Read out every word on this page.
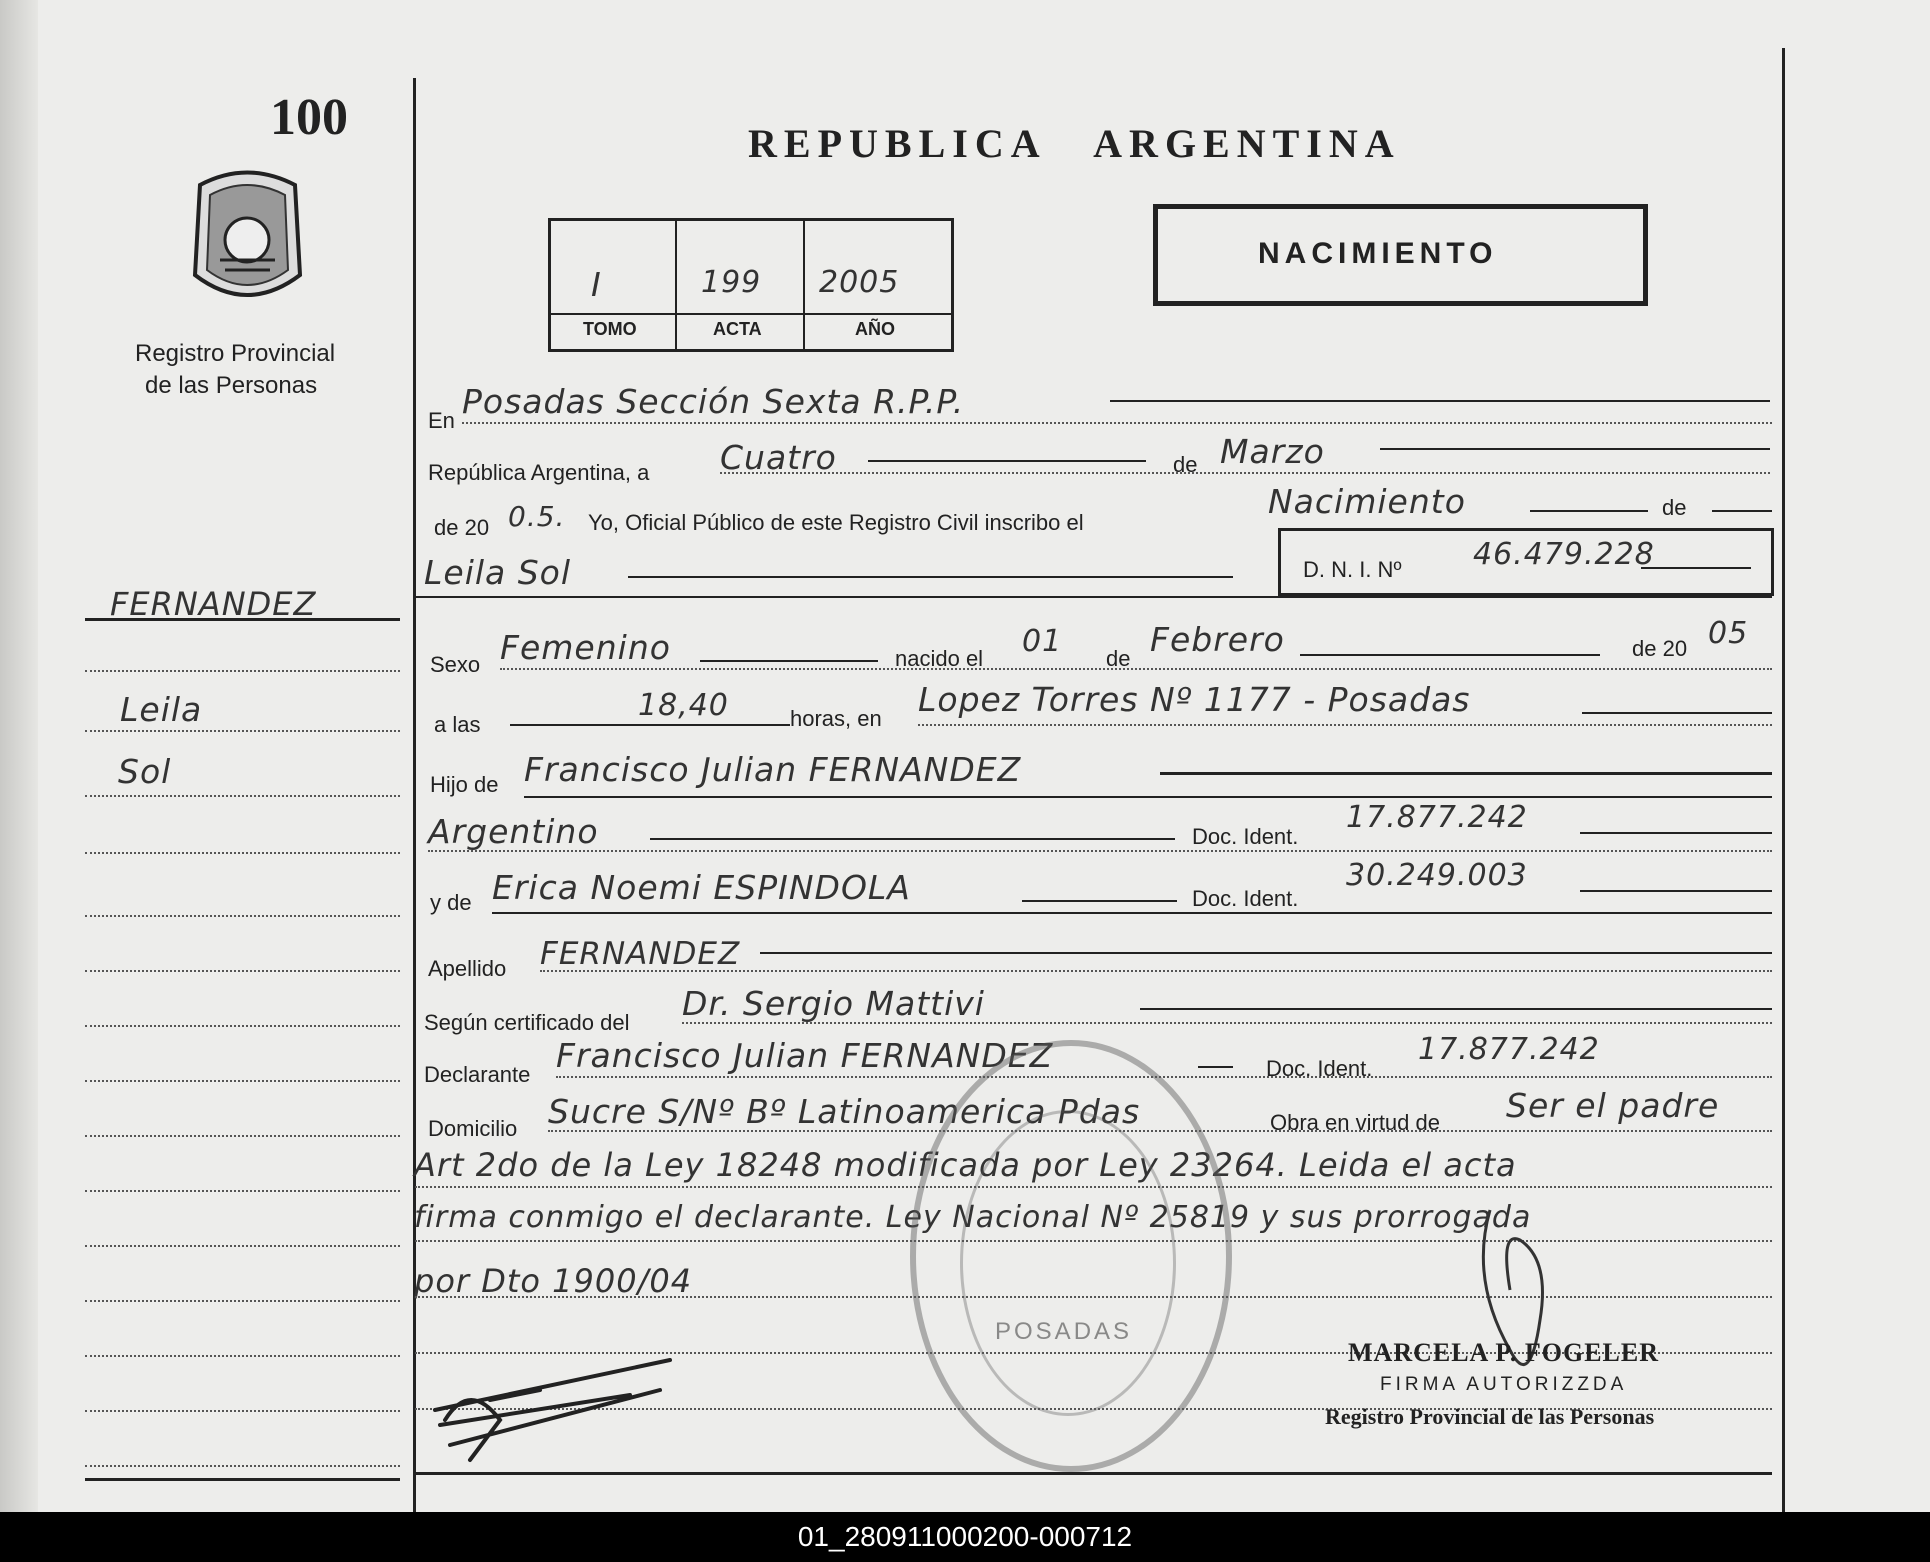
100
Registro Provincial
de las Personas
FERNANDEZ
Leila
Sol
REPUBLICA   ARGENTINA
I	199 2005
TOMO	ACTA	AÑO
NACIMIENTO
En Posadas Sección Sexta R.P.P.
República Argentina, a Cuatro	de Marzo
de 20 0.5. Yo, Oficial Público de este Registro Civil inscribo el
Nacimiento	de
Leila Sol	D. N. I. Nº 46.479.228
Sexo Femenino	nacido el 01 de Febrero	de 20 05
a las
18,40	horas, en Lopez Torres Nº 1177 - Posadas
Hijo de Francisco Julian FERNANDEZ
Argentino	Doc. Ident.
17.877.242
y de Erica Noemi ESPINDOLA	Doc. Ident.
30.249.003
Apellido FERNANDEZ
Según certificado del Dr. Sergio Mattivi
Declarante Francisco Julian FERNANDEZ	Doc. Ident.
17.877.242
Domicilio Sucre S/Nº Bº Latinoamerica Pdas	Obra en virtud de Ser el padre
Art 2do de la Ley 18248 modificada por Ley 23264. Leida el acta
firma conmigo el declarante. Ley Nacional Nº 25819 y sus prorrogada
por Dto 1900/04
POSADAS
MARCELA P. FOGELER
FIRMA AUTORIZZDA
Registro Provincial de las Personas
01_280911000200-000712
